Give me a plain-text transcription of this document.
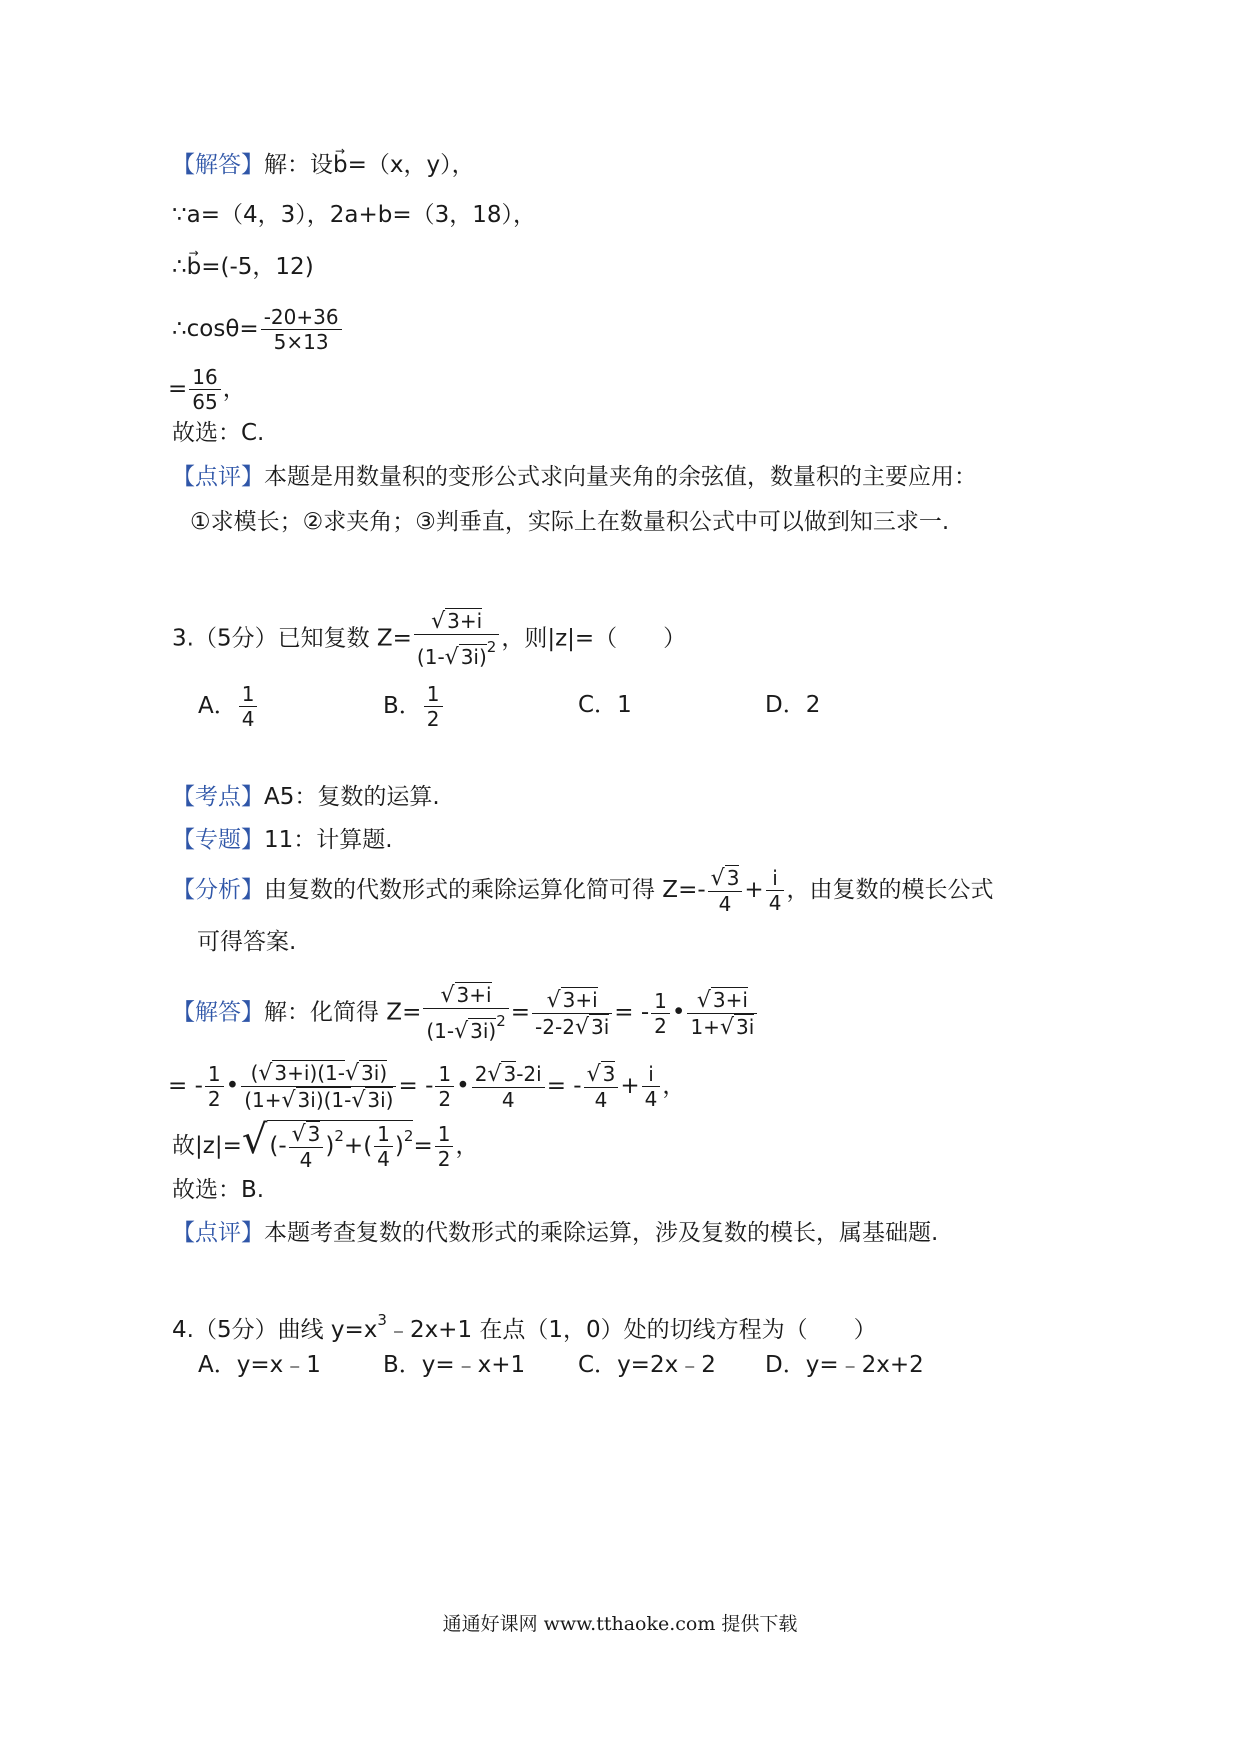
【解答】解：设→ b=（x，y），
∵a=（4，3），2a+b=（3，18），
∴→ b=(-5，12)
∴cosθ= $\frac{-20+36}{5\times 13}$
= $\frac{16}{65}$ ，
故选：C.
【点评】本题是用数量积的变形公式求向量夹角的余弦值，数量积的主要应用：
①求模长；②求夹角；③判垂直，实际上在数量积公式中可以做到知三求一.
3.（5分）已知复数 $Z= \frac{√ 3+i}{(1-√ 3i)^2}$ ，则|z|=（　　）
A． $\frac{1}{4}$	B． $\frac{1}{2}$	C．1	D．2
【考点】A5：复数的运算.
【专题】11：计算题.
【分析】由复数的代数形式的乘除运算化简可得 $Z=- \frac{√ 3}{4} + \frac{i}{4}$ ，由复数的模长公式
可得答案.
【解答】解：化简得 $Z= \frac{√ 3+i}{(1-√ 3i)^2} = \frac{√ 3+i}{-2-2√ 3i}$ = - $\frac{1}{2}$ • $\frac{√ 3+i}{1+√ 3i}$
= - $\frac{1}{2}$ • $\frac{(√ 3+i)(1-√ 3i)}{(1+√ 3i)(1-√ 3i)}$ = - $\frac{1}{2}$ • $\frac{2√ 3-2i}{4}$ = - $\frac{√ 3}{4} + \frac{i}{4}$ ，
故$|z|=√(- \frac{√ 3}{4} )^2+( \frac{1}{4} )^2= \frac{1}{2}$ ，
故选：B.
【点评】本题考查复数的代数形式的乘除运算，涉及复数的模长，属基础题.
4.（5分）曲线 $y=x^3﹣2x+1$ 在点（1，0）处的切线方程为（　　）
A．y=x﹣1	B．y=﹣x+1 C．y=2x﹣2 D．y=﹣2x+2
通通好课网 www.tthaoke.com 提供下载
